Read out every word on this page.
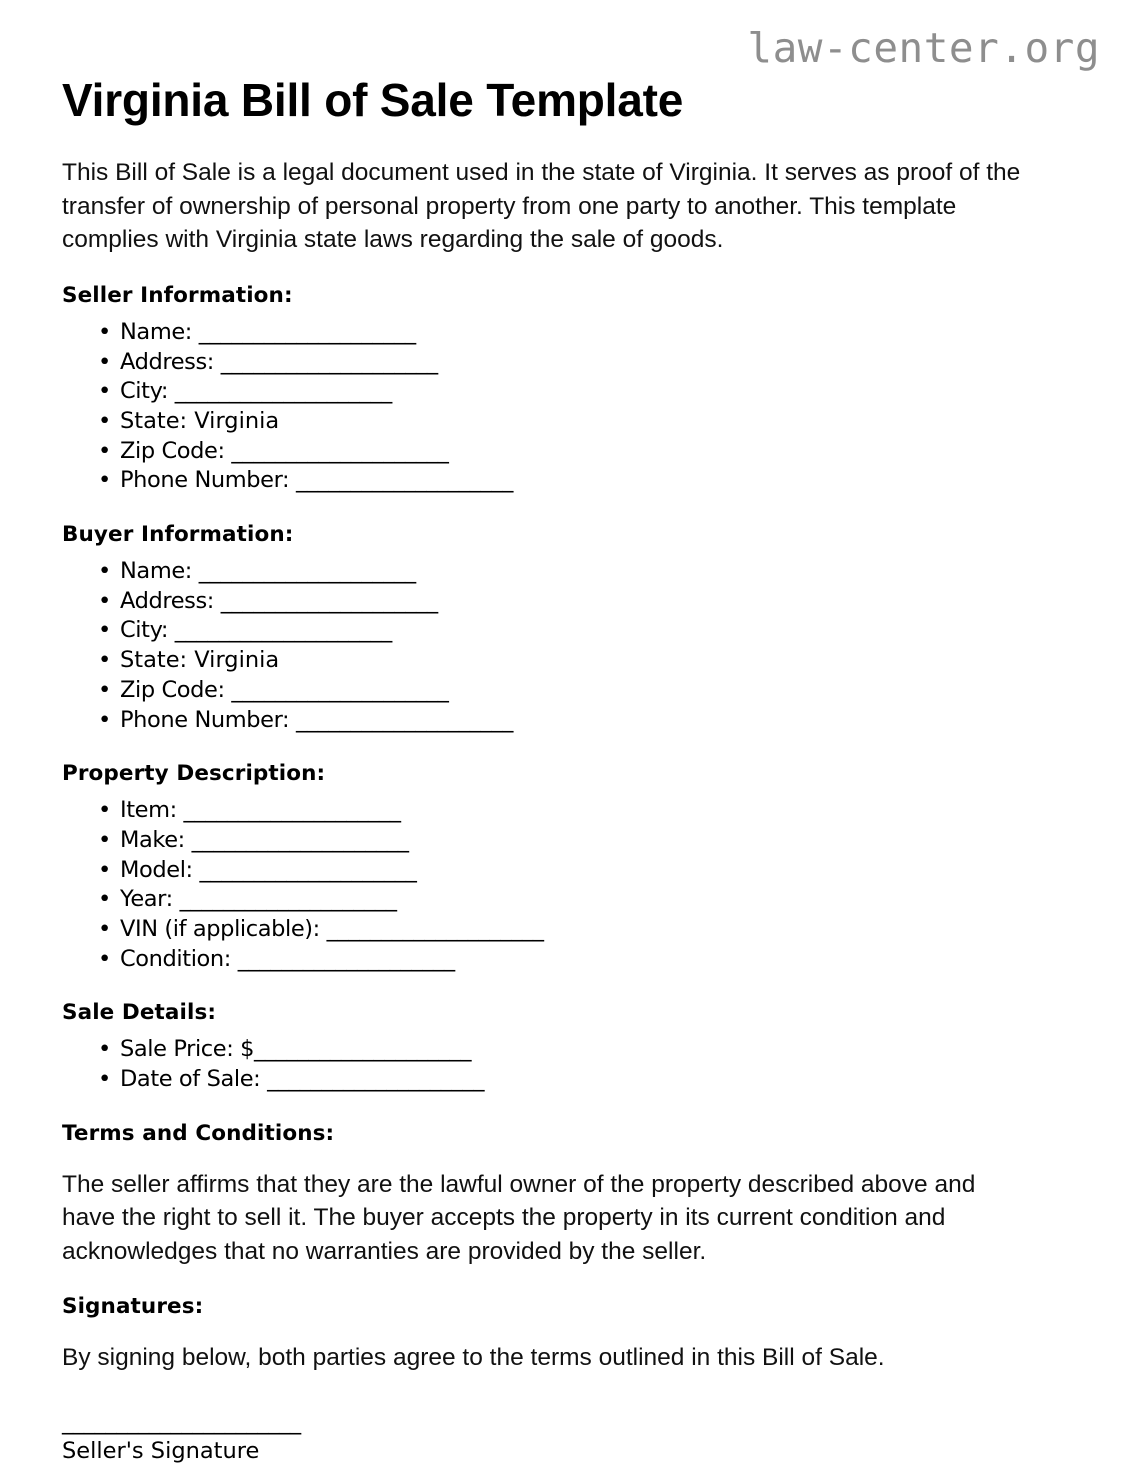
law-center.org
Virginia Bill of Sale Template

This Bill of Sale is a legal document used in the state of Virginia. It serves as proof of the transfer of ownership of personal property from one party to another. This template complies with Virginia state laws regarding the sale of goods.

Seller Information:
• Name: ____________________
• Address: ____________________
• City: ____________________
• State: Virginia
• Zip Code: ____________________
• Phone Number: ____________________
Buyer Information:
• Name: ____________________
• Address: ____________________
• City: ____________________
• State: Virginia
• Zip Code: ____________________
• Phone Number: ____________________
Property Description:
• Item: ____________________
• Make: ____________________
• Model: ____________________
• Year: ____________________
• VIN (if applicable): ____________________
• Condition: ____________________
Sale Details:
• Sale Price: $____________________
• Date of Sale: ____________________
Terms and Conditions:

The seller affirms that they are the lawful owner of the property described above and have the right to sell it. The buyer accepts the property in its current condition and acknowledges that no warranties are provided by the seller.

Signatures:

By signing below, both parties agree to the terms outlined in this Bill of Sale.

______________________
Seller's Signature
